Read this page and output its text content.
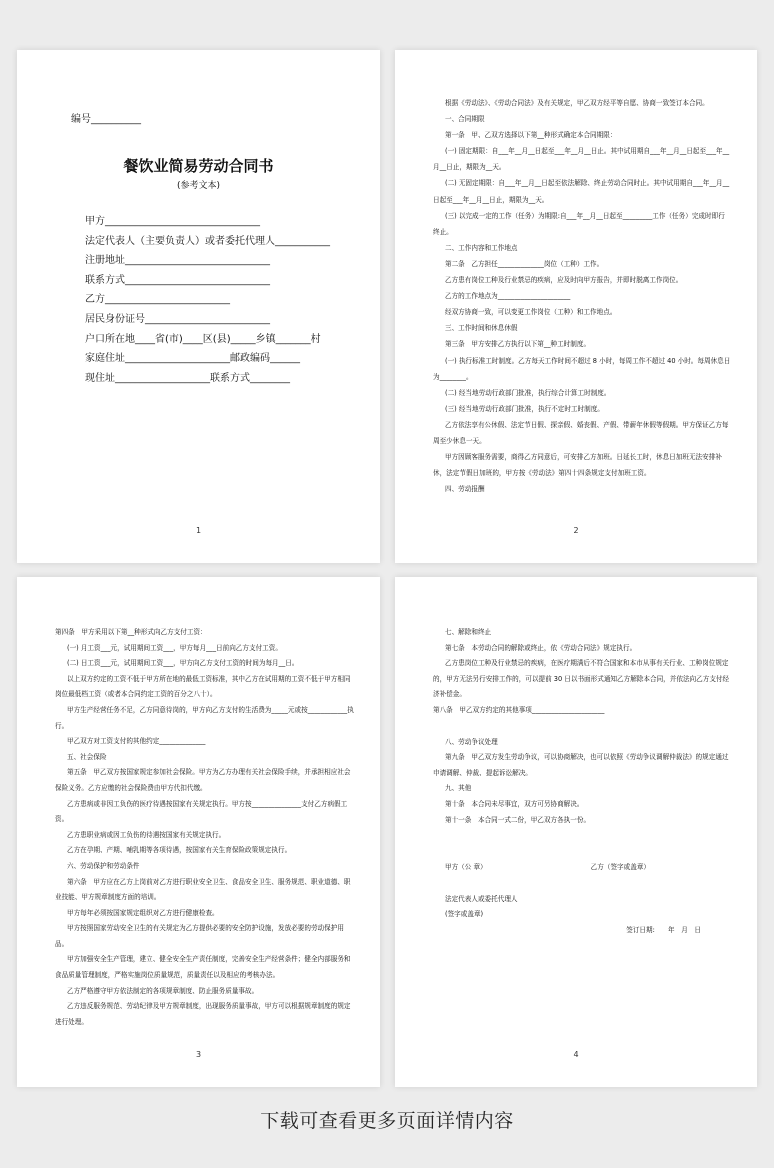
编号__________
餐饮业简易劳动合同书
(参考文本)
甲方_______________________________
法定代表人（主要负责人）或者委托代理人___________
注册地址_____________________________
联系方式_____________________________
乙方_________________________
居民身份证号_________________________
户口所在地____省(市)____区(县)_____乡镇_______村
家庭住址_____________________邮政编码______
现住址___________________联系方式________
1

根据《劳动法》、《劳动合同法》及有关规定，甲乙双方经平等自愿、协商一致签订本合同。

一、合同期限

第一条　甲、乙双方选择以下第__种形式确定本合同期限：

(一) 固定期限：自___年__月__日起至___年__月__日止。其中试用期自___年__月__日起至___年__月__日止，期限为__天。

(二) 无固定期限：自___年__月__日起至依法解除、终止劳动合同时止。其中试用期自___年__月__日起至___年__月__日止，期限为__天。

(三) 以完成一定的工作（任务）为期限:自___年__月__日起至_________工作（任务）完成时即行终止。

二、工作内容和工作地点

第二条　乙方担任______________岗位（工种）工作。

乙方患有岗位工种及行业禁忌的疾病，应及时向甲方报告，并即时脱离工作岗位。

乙方的工作地点为______________________

经双方协商一致，可以变更工作岗位（工种）和工作地点。

三、工作时间和休息休假

第三条　甲方安排乙方执行以下第__种工时制度。

(一) 执行标准工时制度。乙方每天工作时间不超过 8 小时，每周工作不超过 40 小时。每周休息日为________。

(二) 经当地劳动行政部门批准，执行综合计算工时制度。

(三) 经当地劳动行政部门批准，执行不定时工时制度。

乙方依法享有公休假、法定节日假、探亲假、婚丧假、产假、带薪年休假等假期。甲方保证乙方每周至少休息一天。

甲方因顾客服务需要，商得乙方同意后，可安排乙方加班。日延长工时，休息日加班无法安排补休，法定节假日加班的，甲方按《劳动法》第四十四条规定支付加班工资。

四、劳动报酬

2

第四条　甲方采用以下第__种形式向乙方支付工资：

(一) 月工资___元，试用期间工资___，甲方每月___日前向乙方支付工资。

(二) 日工资___元，试用期间工资___，甲方向乙方支付工资的时间为每月__日。

以上双方约定的工资不低于甲方所在地的最低工资标准，其中乙方在试用期的工资不低于甲方相同岗位最低档工资（或者本合同约定工资的百分之八十）。

甲方生产经营任务不足，乙方同意待岗的，甲方向乙方支付的生活费为_____元或按____________执行。

甲乙双方对工资支付的其他约定______________

五、社会保险

第五条　甲乙双方按国家规定参加社会保险。甲方为乙方办理有关社会保险手续，并承担相应社会保险义务。乙方应缴的社会保险费由甲方代扣代缴。

乙方患病或非因工负伤的医疗待遇按国家有关规定执行。甲方按_______________支付乙方病假工资。

乙方患职业病或因工负伤的待遇按国家有关规定执行。

乙方在孕期、产期、哺乳期等各项待遇，按国家有关生育保险政策规定执行。

六、劳动保护和劳动条件

第六条　甲方应在乙方上岗前对乙方进行职业安全卫生、食品安全卫生、服务规范、职业道德、职业技能、甲方规章制度方面的培训。

甲方每年必须按国家规定组织对乙方进行健康检查。

甲方按照国家劳动安全卫生的有关规定为乙方提供必要的安全防护设施，发放必要的劳动保护用品。

甲方加强安全生产管理，建立、健全安全生产责任制度，完善安全生产经营条件；健全内部服务和食品质量管理制度，严格实施岗位质量规范，质量责任以及相应的考核办法。

乙方严格遵守甲方依法制定的各项规章制度、防止服务质量事故。

乙方违反服务规范、劳动纪律及甲方规章制度，出现服务质量事故，甲方可以根据规章制度的规定进行处理。

3

七、解除和终止

第七条　本劳动合同的解除或终止，依《劳动合同法》规定执行。

乙方患岗位工种及行业禁忌的疾病，在医疗期满后不符合国家和本市从事有关行业、工种岗位规定的，甲方无法另行安排工作的，可以提前 30 日以书面形式通知乙方解除本合同，并依法向乙方支付经济补偿金。

第八条　甲乙双方约定的其他事项______________________

八、劳动争议处理

第九条　甲乙双方发生劳动争议，可以协商解决，也可以依照《劳动争议调解仲裁法》的规定通过申请调解、仲裁、提起诉讼解决。

九、其他

第十条　本合同未尽事宜，双方可另协商解决。

第十一条　本合同一式二份，甲乙双方各执一份。

甲方（公 章）	乙方（签字或盖章）

法定代表人或委托代理人

(签字或盖章)

签订日期:　　年　月　日

4
下载可查看更多页面详情内容
